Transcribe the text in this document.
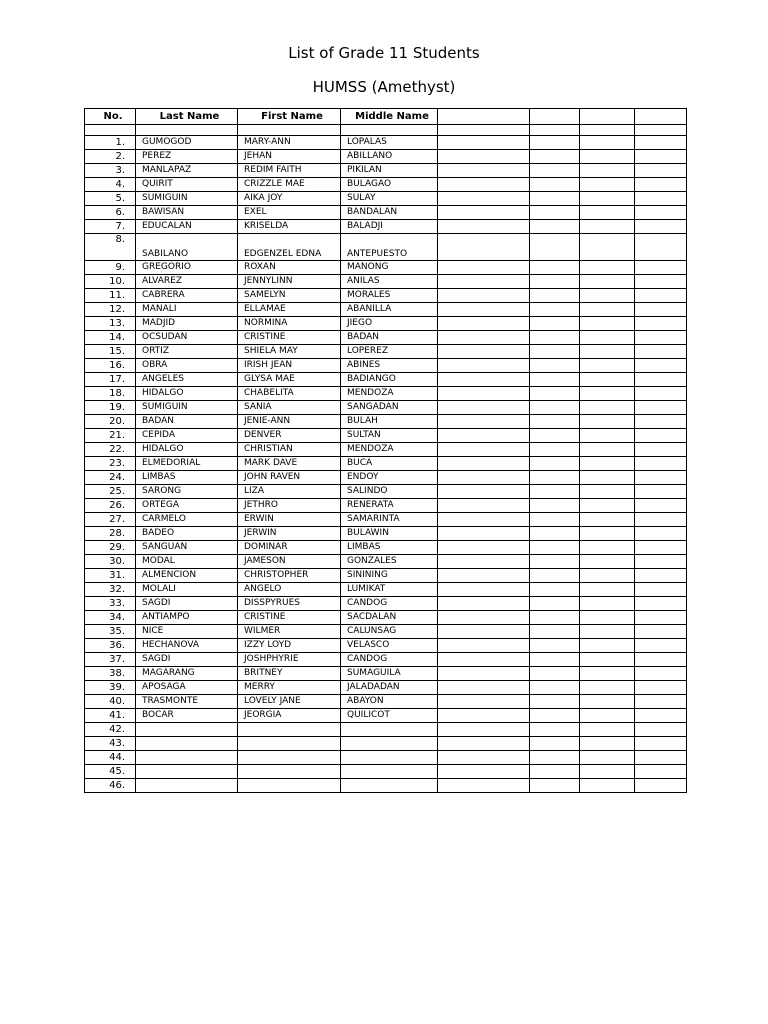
List of Grade 11 Students
HUMSS (Amethyst)
No.	Last Name	First Name	Middle Name				

1.	GUMOGOD	MARY-ANN	LOPALAS				
2.	PEREZ	JEHAN	ABILLANO				
3.	MANLAPAZ	REDIM FAITH	PIKILAN				
4.	QUIRIT	CRIZZLE MAE	BULAGAO				
5.	SUMIGUIN	AIKA JOY	SULAY				
6.	BAWISAN	EXEL	BANDALAN				
7.	EDUCALAN	KRISELDA	BALADJI				
8.	SABILANO	EDGENZEL EDNA	ANTEPUESTO				
9.	GREGORIO	ROXAN	MANONG				
10.	ALVAREZ	JENNYLINN	ANILAS				
11.	CABRERA	SAMELYN	MORALES				
12.	MANALI	ELLAMAE	ABANILLA				
13.	MADJID	NORMINA	JIEGO				
14.	OCSUDAN	CRISTINE	BADAN				
15.	ORTIZ	SHIELA MAY	LOPEREZ				
16.	OBRA	IRISH JEAN	ABINES				
17.	ANGELES	GLYSA MAE	BADIANGO				
18.	HIDALGO	CHABELITA	MENDOZA				
19.	SUMIGUIN	SANIA	SANGADAN				
20.	BADAN	JENIE-ANN	BULAH				
21.	CEPIDA	DENVER	SULTAN				
22.	HIDALGO	CHRISTIAN	MENDOZA				
23.	ELMEDORIAL	MARK DAVE	BUCA				
24.	LIMBAS	JOHN RAVEN	ENDOY				
25.	SARONG	LIZA	SALINDO				
26.	ORTEGA	JETHRO	RENERATA				
27.	CARMELO	ERWIN	SAMARINTA				
28.	BADEO	JERWIN	BULAWIN				
29.	SANGUAN	DOMINAR	LIMBAS				
30.	MODAL	JAMESON	GONZALES				
31.	ALMENCION	CHRISTOPHER	SININING				
32.	MOLALI	ANGELO	LUMIKAT				
33.	SAGDI	DISSPYRUES	CANDOG				
34.	ANTIAMPO	CRISTINE	SACDALAN				
35.	NICE	WILMER	CALUNSAG				
36.	HECHANOVA	IZZY LOYD	VELASCO				
37.	SAGDI	JOSHPHYRIE	CANDOG				
38.	MAGARANG	BRITNEY	SUMAGUILA				
39.	APOSAGA	MERRY	JALADADAN				
40.	TRASMONTE	LOVELY JANE	ABAYON				
41.	BOCAR	JEORGIA	QUILICOT				
42.							
43.							
44.							
45.							
46.							
